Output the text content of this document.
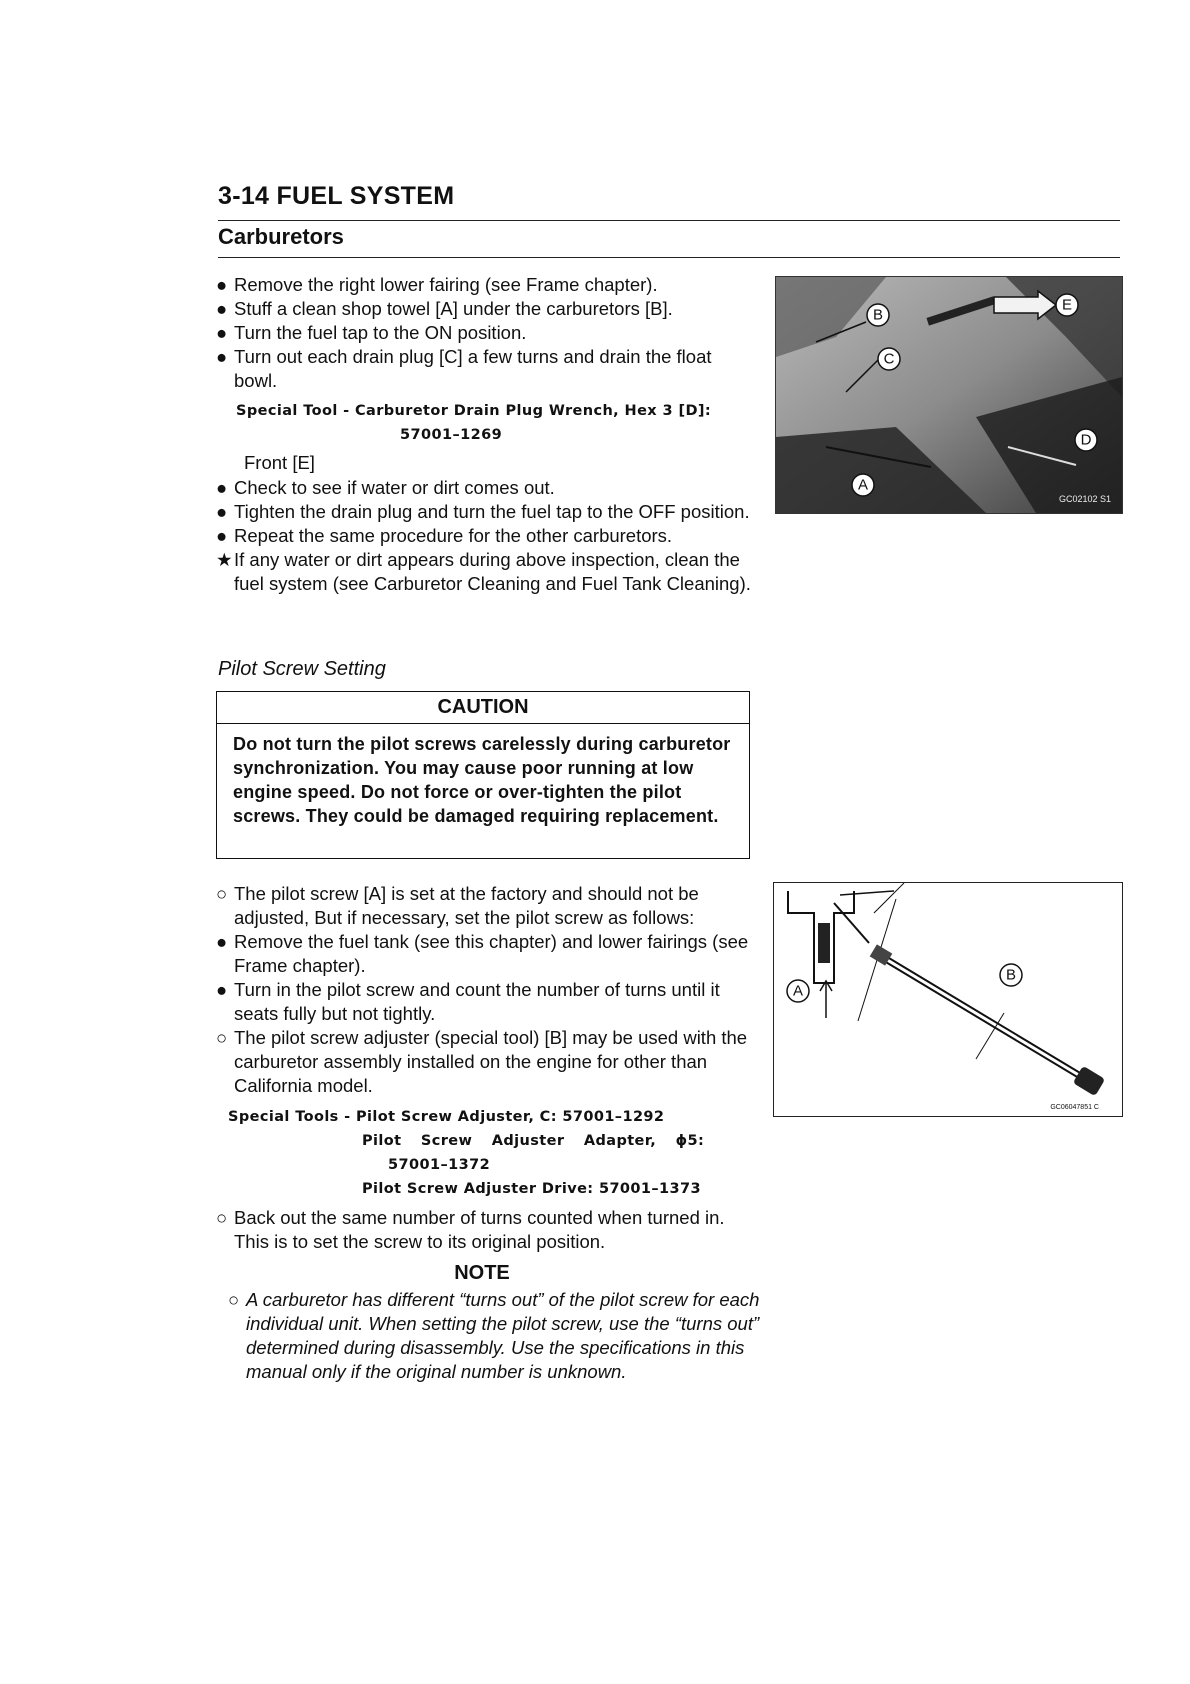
3-14 FUEL SYSTEM
Carburetors
● Remove the right lower fairing (see Frame chapter).
● Stuff a clean shop towel [A] under the carburetors [B].
● Turn the fuel tap to the ON position.
● Turn out each drain plug [C] a few turns and drain the float bowl.
Special Tool - Carburetor Drain Plug Wrench, Hex 3 [D]:
57001–1269
Front [E]
● Check to see if water or dirt comes out.
● Tighten the drain plug and turn the fuel tap to the OFF position.
● Repeat the same procedure for the other carburetors.
★ If any water or dirt appears during above inspection, clean the fuel system (see Carburetor Cleaning and Fuel Tank Cleaning).
Pilot Screw Setting
CAUTION
Do not turn the pilot screws carelessly during carburetor synchronization. You may cause poor running at low engine speed. Do not force or over-tighten the pilot screws. They could be damaged requiring replacement.
○ The pilot screw [A] is set at the factory and should not be adjusted, But if necessary, set the pilot screw as follows:
● Remove the fuel tank (see this chapter) and lower fairings (see Frame chapter).
● Turn in the pilot screw and count the number of turns until it seats fully but not tightly.
○ The pilot screw adjuster (special tool) [B] may be used with the carburetor assembly installed on the engine for other than California model.
Special Tools - Pilot Screw Adjuster, C: 57001–1292
Pilot Screw Adjuster Adapter, ϕ5:
57001–1372
Pilot Screw Adjuster Drive: 57001–1373
○ Back out the same number of turns counted when turned in. This is to set the screw to its original position.
NOTE
○ A carburetor has different “turns out” of the pilot screw for each individual unit. When setting the pilot screw, use the “turns out” determined during disassembly. Use the specifications in this manual only if the original number is unknown.
B
C
E
D
A
GC02102 S1
A
B
GC06047851 C
